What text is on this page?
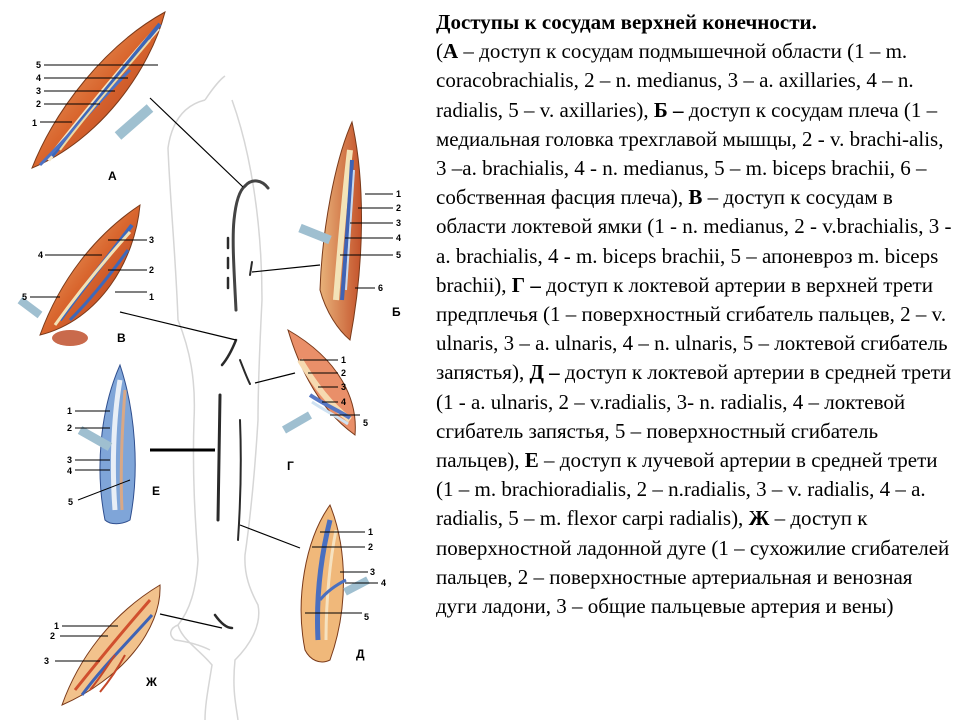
5
4
3
2
1
1
2
3
4
5
6
4
3
2
5	1
1
2
3
4
5
1
2
3
4
5
1
2
3
4
5
1
2
3
А
Б
В
Г
Е
Д
Ж
Доступы к сосудам верхней конечности.
(А – доступ к сосудам подмышечной области (1 – m. coracobrachialis, 2 – n. medianus, 3 – a. axillaries, 4 – n. radialis, 5 – v. axillaries), Б – доступ к сосудам плеча (1 – медиальная головка трехглавой мышцы, 2 - v. brachi-alis, 3 –a. brachialis, 4 - n. medianus, 5 – m. biceps brachii, 6 – собственная фасция плеча), В – доступ к сосудам в области локтевой ямки (1 - n. medianus, 2 - v.brachialis, 3 - a. brachialis, 4 - m. biceps brachii, 5 – апоневроз m. biceps brachii), Г – доступ к локтевой артерии в верхней трети предплечья (1 – поверхностный сгибатель пальцев, 2 – v. ulnaris, 3 – a. ulnaris, 4 – n. ulnaris, 5 – локтевой сгибатель запястья), Д – доступ к локтевой артерии в средней трети (1 - a. ulnaris, 2 – v.radialis, 3- n. radialis, 4 – локтевой сгибатель запястья, 5 – поверхностный сгибатель пальцев), Е – доступ к лучевой артерии в средней трети (1 – m. brachioradialis, 2 – n.radialis, 3 – v. radialis, 4 – a. radialis, 5 – m. flexor carpi radialis), Ж – доступ к поверхностной ладонной дуге (1 – сухожилие сгибателей пальцев, 2 – поверхностные артериальная и венозная дуги ладони, 3 – общие пальцевые артерия и вены)
